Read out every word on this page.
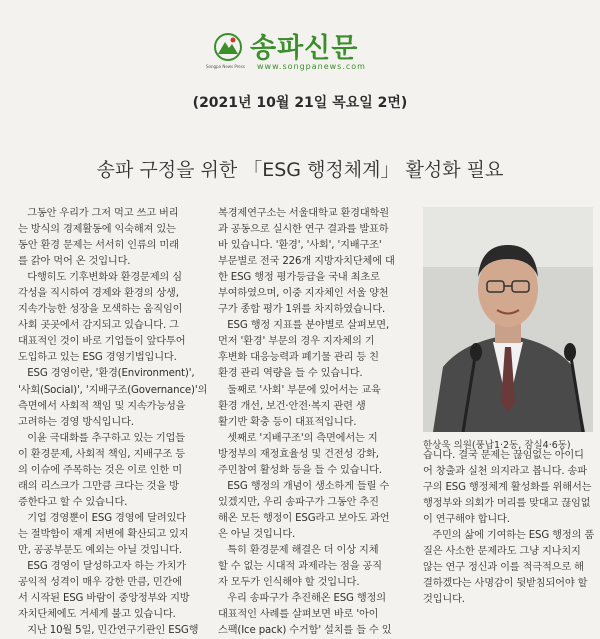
Songpa News Press
송파신문
www.songpanews.com
(2021년 10월 21일 목요일 2면)
송파 구정을 위한 「ESG 행정체계」 활성화 필요
그동안 우리가 그저 먹고 쓰고 버리
는 방식의 경제활동에 익숙해져 있는
동안 환경 문제는 서서히 인류의 미래
를 갉아 먹어 온 것입니다.
다행히도 기후변화와 환경문제의 심
각성을 직시하여 경제와 환경의 상생,
지속가능한 성장을 모색하는 움직임이
사회 곳곳에서 감지되고 있습니다. 그
대표적인 것이 바로 기업들이 앞다투어
도입하고 있는 ESG 경영기법입니다.
ESG 경영이란, '환경(Environment)',
'사회(Social)', '지배구조(Governance)'의
측면에서 사회적 책임 및 지속가능성을
고려하는 경영 방식입니다.
이윤 극대화를 추구하고 있는 기업들
이 환경문제, 사회적 책임, 지배구조 등
의 이슈에 주목하는 것은 이로 인한 미
래의 리스크가 그만큼 크다는 것을 방
증한다고 할 수 있습니다.
기업 경영뿐이 ESG 경영에 달려있다
는 절박함이 재계 저변에 확산되고 있지
만, 공공부문도 예외는 아닐 것입니다.
ESG 경영이 달성하고자 하는 가치가
공익적 성격이 매우 강한 만큼, 민간에
서 시작된 ESG 바람이 중앙정부와 지방
자치단체에도 거세게 불고 있습니다.
지난 10월 5일, 민간연구기관인 ESG행
복경제연구소는 서울대학교 환경대학원
과 공동으로 실시한 연구 결과를 발표하
바 있습니다. '환경', '사회', '지배구조'
부문별로 전국 226개 지방자치단체에 대
한 ESG 행정 평가등급을 국내 최초로
부여하였으며, 이중 지자체인 서울 양천
구가 종합 평가 1위를 차지하였습니다.
ESG 행정 지표를 분야별로 살펴보면,
먼저 '환경' 부문의 경우 지자체의 기
후변화 대응능력과 폐기물 관리 등 친
환경 관리 역량을 들 수 있습니다.
둘째로 '사회' 부문에 있어서는 교육
환경 개선, 보건·안전·복지 관련 생
활기반 확충 등이 대표적입니다.
셋째로 '지배구조'의 측면에서는 지
방정부의 재정효율성 및 건전성 강화,
주민참여 활성화 등을 들 수 있습니다.
ESG 행정의 개념이 생소하게 들릴 수
있겠지만, 우리 송파구가 그동안 추진
해온 모든 행정이 ESG라고 보아도 과언
은 아닐 것입니다.
특히 환경문제 해결은 더 이상 지체
할 수 없는 시대적 과제라는 점을 공직
자 모두가 인식해야 할 것입니다.
우리 송파구가 추진해온 ESG 행정의
대표적인 사례를 살펴보면 바로 '아이
스팩(Ice pack) 수거함' 설치를 들 수 있
한상욱 의원(풍납1·2동, 잠실4·6동)
습니다. 결국 문제는 끊임없는 아이디
어 창출과 실천 의지라고 봅니다. 송파
구의 ESG 행정체계 활성화를 위해서는
행정부와 의회가 머리를 맞대고 끊임없
이 연구해야 합니다.
주민의 삶에 기여하는 ESG 행정의 품
질은 사소한 문제라도 그냥 지나치지
않는 연구 정신과 이를 적극적으로 해
결하겠다는 사명감이 뒷받침되어야 할
것입니다.
